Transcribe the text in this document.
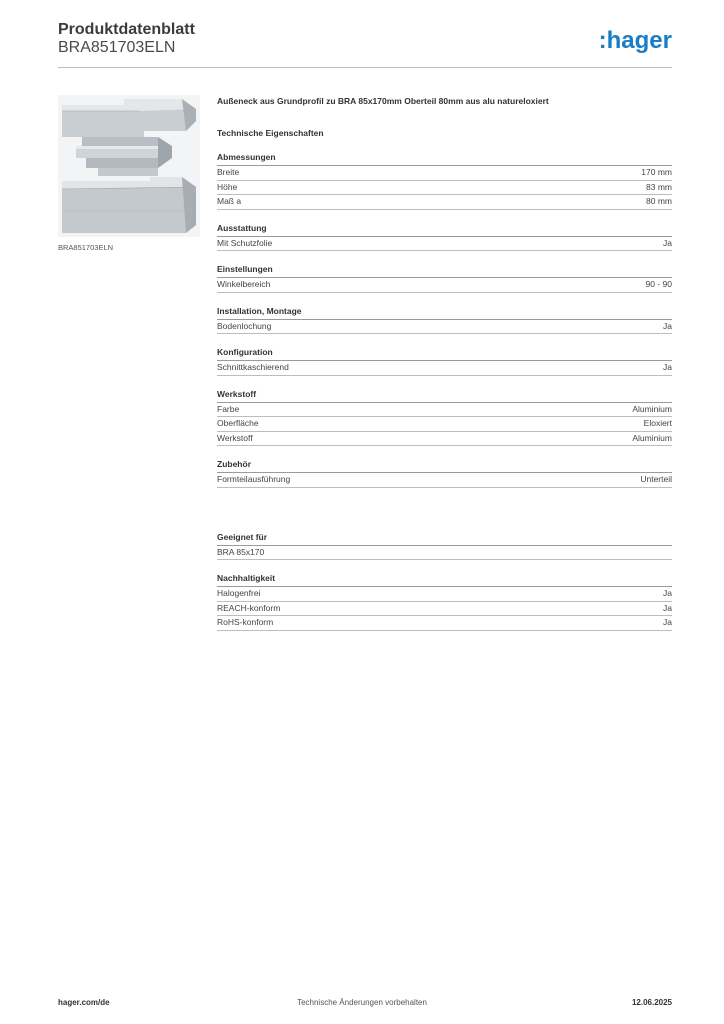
Produktdatenblatt
BRA851703ELN	:hager
BRA851703ELN

Außeneck aus Grundprofil zu BRA 85x170mm Oberteil 80mm aus alu natureloxiert

Technische Eigenschaften

Abmessungen
Breite	170 mm
Höhe	83 mm
Maß a	80 mm
Ausstattung
Mit Schutzfolie	Ja
Einstellungen
Winkelbereich	90 - 90
Installation, Montage
Bodenlochung	Ja
Konfiguration
Schnittkaschierend	Ja
Werkstoff
Farbe	Aluminium
Oberfläche	Eloxiert
Werkstoff	Aluminium
Zubehör
Formteilausführung	Unterteil
Geeignet für
BRA 85x170
Nachhaltigkeit
Halogenfrei	Ja
REACH-konform	Ja
RoHS-konform	Ja
hager.com/de	Technische Änderungen vorbehalten	12.06.2025
